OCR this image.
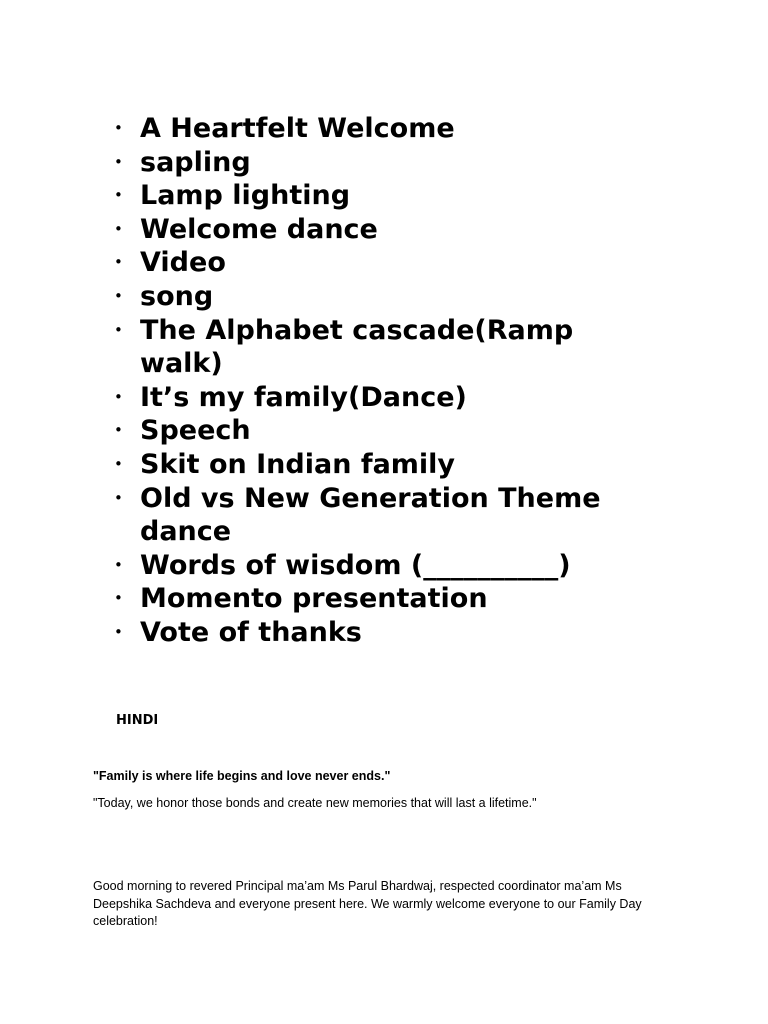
• A Heartfelt Welcome
• sapling
• Lamp lighting
• Welcome dance
• Video
• song
• The Alphabet cascade(Ramp walk)
• It’s my family(Dance)
• Speech
• Skit on Indian family
• Old vs New Generation Theme dance
• Words of wisdom (__________)
• Momento presentation
• Vote of thanks
HINDI
"Family is where life begins and love never ends."
"Today, we honor those bonds and create new memories that will last a lifetime."

Good morning to revered Principal ma’am Ms Parul Bhardwaj, respected coordinator ma’am Ms Deepshika Sachdeva and everyone present here. We warmly welcome everyone to our Family Day celebration!
